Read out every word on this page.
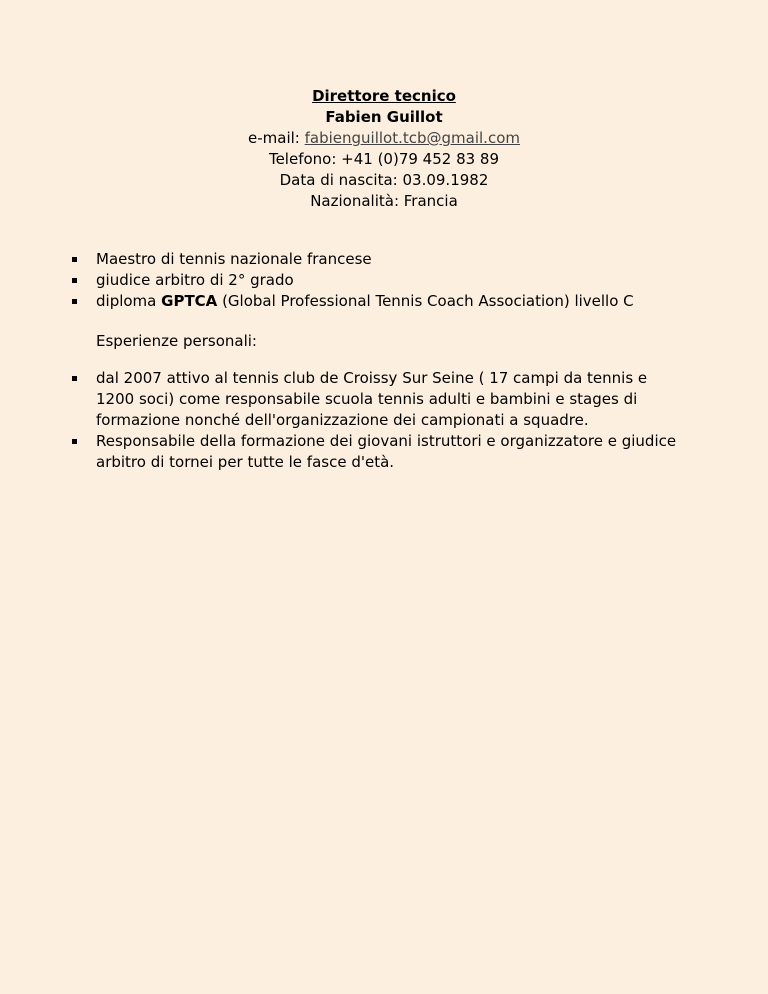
Direttore tecnico
Fabien Guillot
e-mail: fabienguillot.tcb@gmail.com
Telefono: +41 (0)79 452 83 89
Data di nascita: 03.09.1982
Nazionalità: Francia
Maestro di tennis nazionale francese
giudice arbitro di 2° grado
diploma GPTCA (Global Professional Tennis Coach Association) livello C
Esperienze personali:
dal 2007 attivo al tennis club de Croissy Sur Seine ( 17 campi da tennis e 1200 soci) come responsabile scuola tennis adulti e bambini e stages di formazione nonché dell'organizzazione dei campionati a squadre.
Responsabile della formazione dei giovani istruttori e organizzatore e giudice arbitro di tornei per tutte le fasce d'età.
